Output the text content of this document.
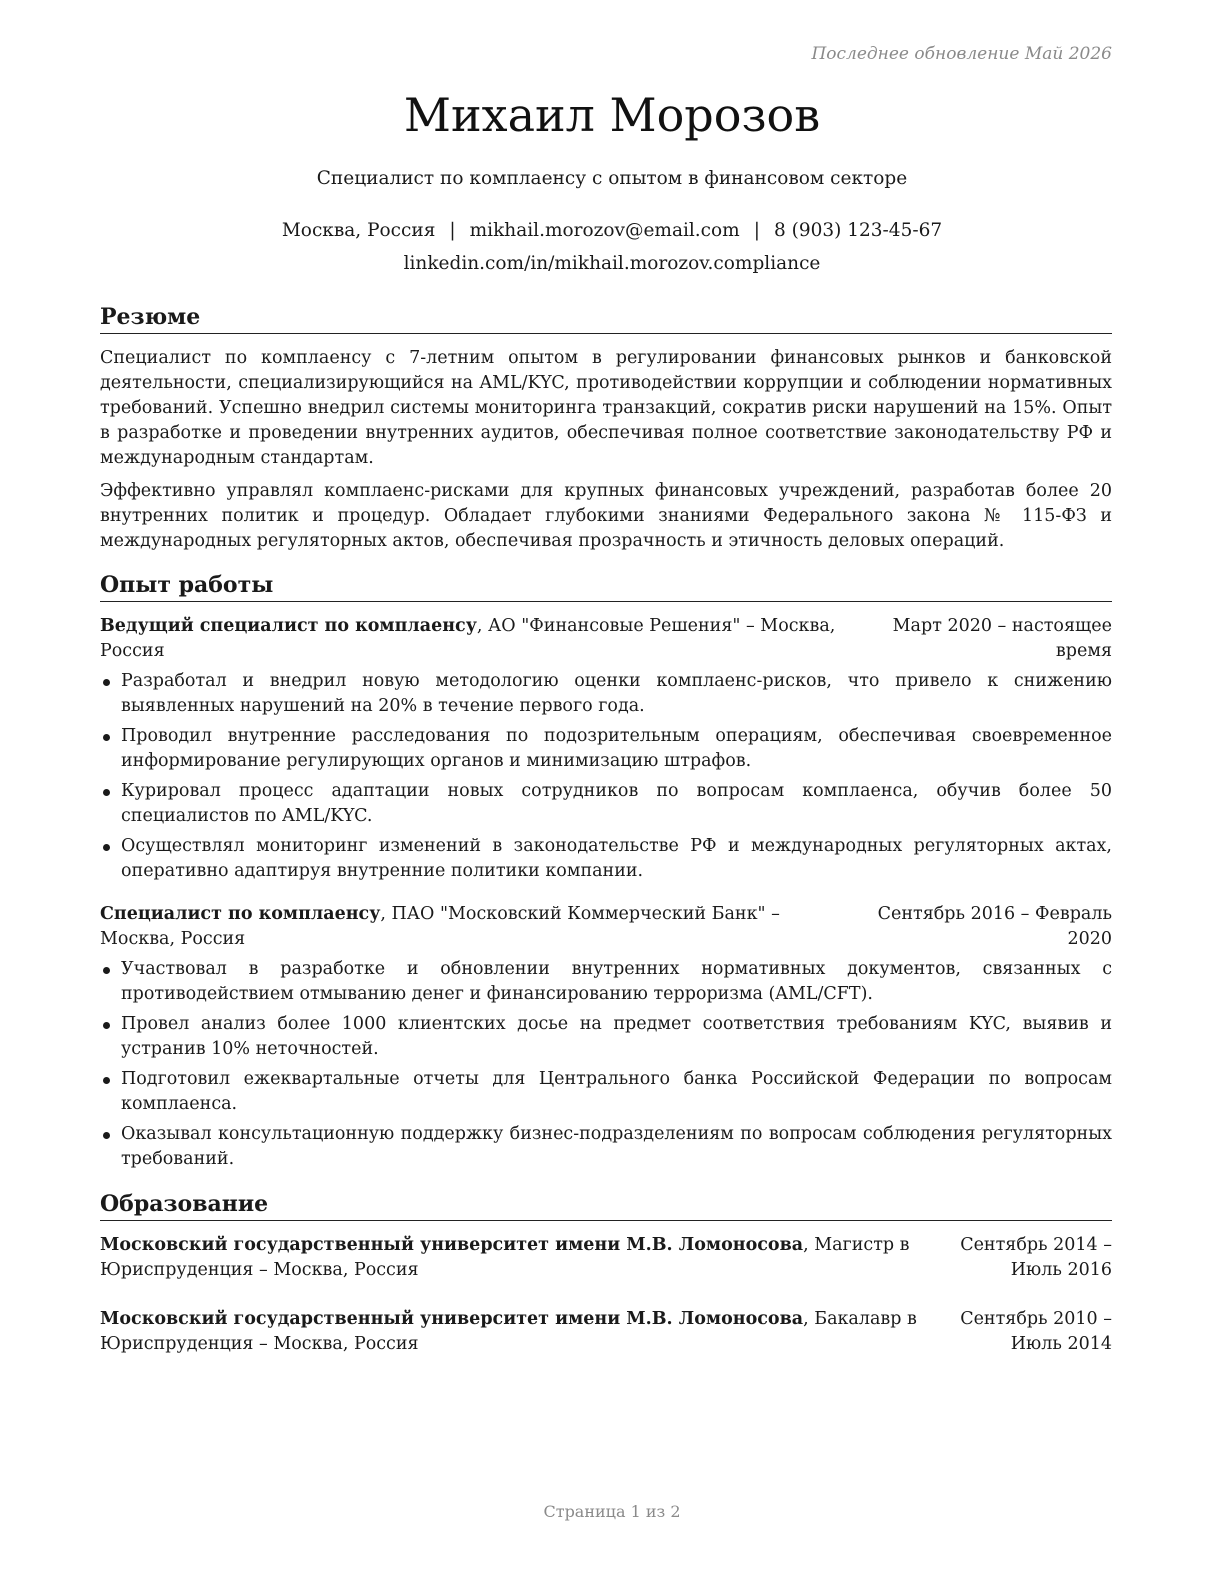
Последнее обновление Май 2026
Михаил Морозов
Специалист по комплаенсу с опытом в финансовом секторе
Москва, Россия | mikhail.morozov@email.com | 8 (903) 123-45-67
linkedin.com/in/mikhail.morozov.compliance
Резюме

Специалист по комплаенсу с 7-летним опытом в регулировании финансовых рынков и банковской деятельности, специализирующийся на AML/KYC, противодействии коррупции и соблюдении нормативных требований. Успешно внедрил системы мониторинга транзакций, сократив риски нарушений на 15%. Опыт в разработке и проведении внутренних аудитов, обеспечивая полное соответствие законодательству РФ и международным стандартам.

Эффективно управлял комплаенс-рисками для крупных финансовых учреждений, разработав более 20 внутренних политик и процедур. Обладает глубокими знаниями Федерального закона № 115-ФЗ и международных регуляторных актов, обеспечивая прозрачность и этичность деловых операций.

Опыт работы
Ведущий специалист по комплаенсу, АО "Финансовые Решения" – Москва, Россия
Март 2020 – настоящее время
Разработал и внедрил новую методологию оценки комплаенс-рисков, что привело к снижению выявленных нарушений на 20% в течение первого года.
Проводил внутренние расследования по подозрительным операциям, обеспечивая своевременное информирование регулирующих органов и минимизацию штрафов.
Курировал процесс адаптации новых сотрудников по вопросам комплаенса, обучив более 50 специалистов по AML/KYC.
Осуществлял мониторинг изменений в законодательстве РФ и международных регуляторных актах, оперативно адаптируя внутренние политики компании.
Специалист по комплаенсу, ПАО "Московский Коммерческий Банк" – Москва, Россия
Сентябрь 2016 – Февраль 2020
Участвовал в разработке и обновлении внутренних нормативных документов, связанных с противодействием отмыванию денег и финансированию терроризма (AML/CFT).
Провел анализ более 1000 клиентских досье на предмет соответствия требованиям KYC, выявив и устранив 10% неточностей.
Подготовил ежеквартальные отчеты для Центрального банка Российской Федерации по вопросам комплаенса.
Оказывал консультационную поддержку бизнес-подразделениям по вопросам соблюдения регуляторных требований.
Образование
Московский государственный университет имени М.В. Ломоносова, Магистр в Юриспруденция – Москва, Россия
Сентябрь 2014 – Июль 2016
Московский государственный университет имени М.В. Ломоносова, Бакалавр в Юриспруденция – Москва, Россия
Сентябрь 2010 – Июль 2014
Страница 1 из 2
